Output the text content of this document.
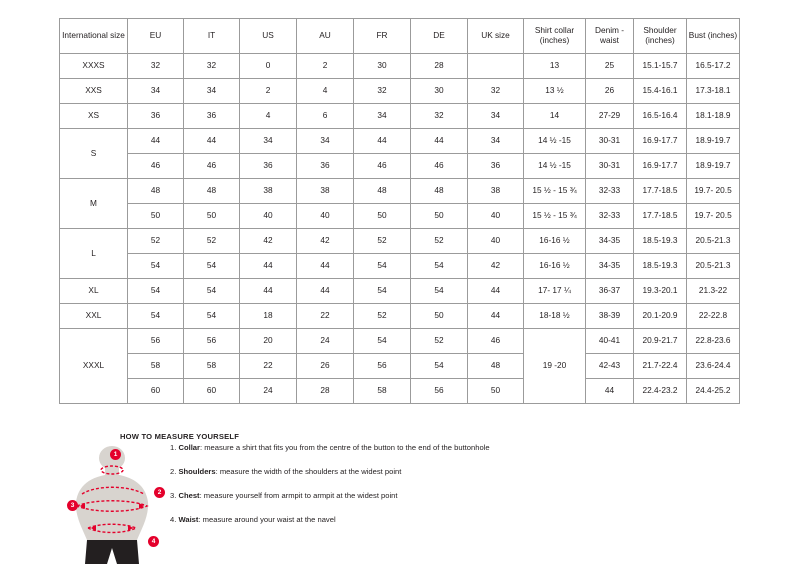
International size	EU	IT	US	AU	FR	DE	UK size	Shirt collar (inches)	Denim - waist	Shoulder (inches)	Bust (inches)
XXXS	32	32	0	2	30	28		13	25	15.1-15.7	16.5-17.2
XXS	34	34	2	4	32	30	32	13 ½	26	15.4-16.1	17.3-18.1
XS	36	36	4	6	34	32	34	14	27-29	16.5-16.4	18.1-18.9
S	44	44	34	34	44	44	34	14 ½ -15	30-31	16.9-17.7	18.9-19.7
	46	46	36	36	46	46	36	14 ½ -15	30-31	16.9-17.7	18.9-19.7
M	48	48	38	38	48	48	38	15 ½ - 15 ¾	32-33	17.7-18.5	19.7- 20.5
	50	50	40	40	50	50	40	15 ½ - 15 ¾	32-33	17.7-18.5	19.7- 20.5
L	52	52	42	42	52	52	40	16-16 ½	34-35	18.5-19.3	20.5-21.3
	54	54	44	44	54	54	42	16-16 ½	34-35	18.5-19.3	20.5-21.3
XL	54	54	44	44	54	54	44	17- 17 ¼	36-37	19.3-20.1	21.3-22
XXL	54	54	18	22	52	50	44	18-18 ½	38-39	20.1-20.9	22-22.8
XXXL	56	56	20	24	54	52	46	19 -20	40-41	20.9-21.7	22.8-23.6
	58	58	22	26	56	54	48		42-43	21.7-22.4	23.6-24.4
	60	60	24	28	58	56	50		44	22.4-23.2	24.4-25.2
HOW TO MEASURE YOURSELF
1. Collar: measure a shirt that fits you from the centre of the button to the end of the buttonhole
2. Shoulders: measure the width of the shoulders at the widest point
3. Chest: measure yourself from armpit to armpit at the widest point
4. Waist: measure around your waist at the navel
1
2
3
4
